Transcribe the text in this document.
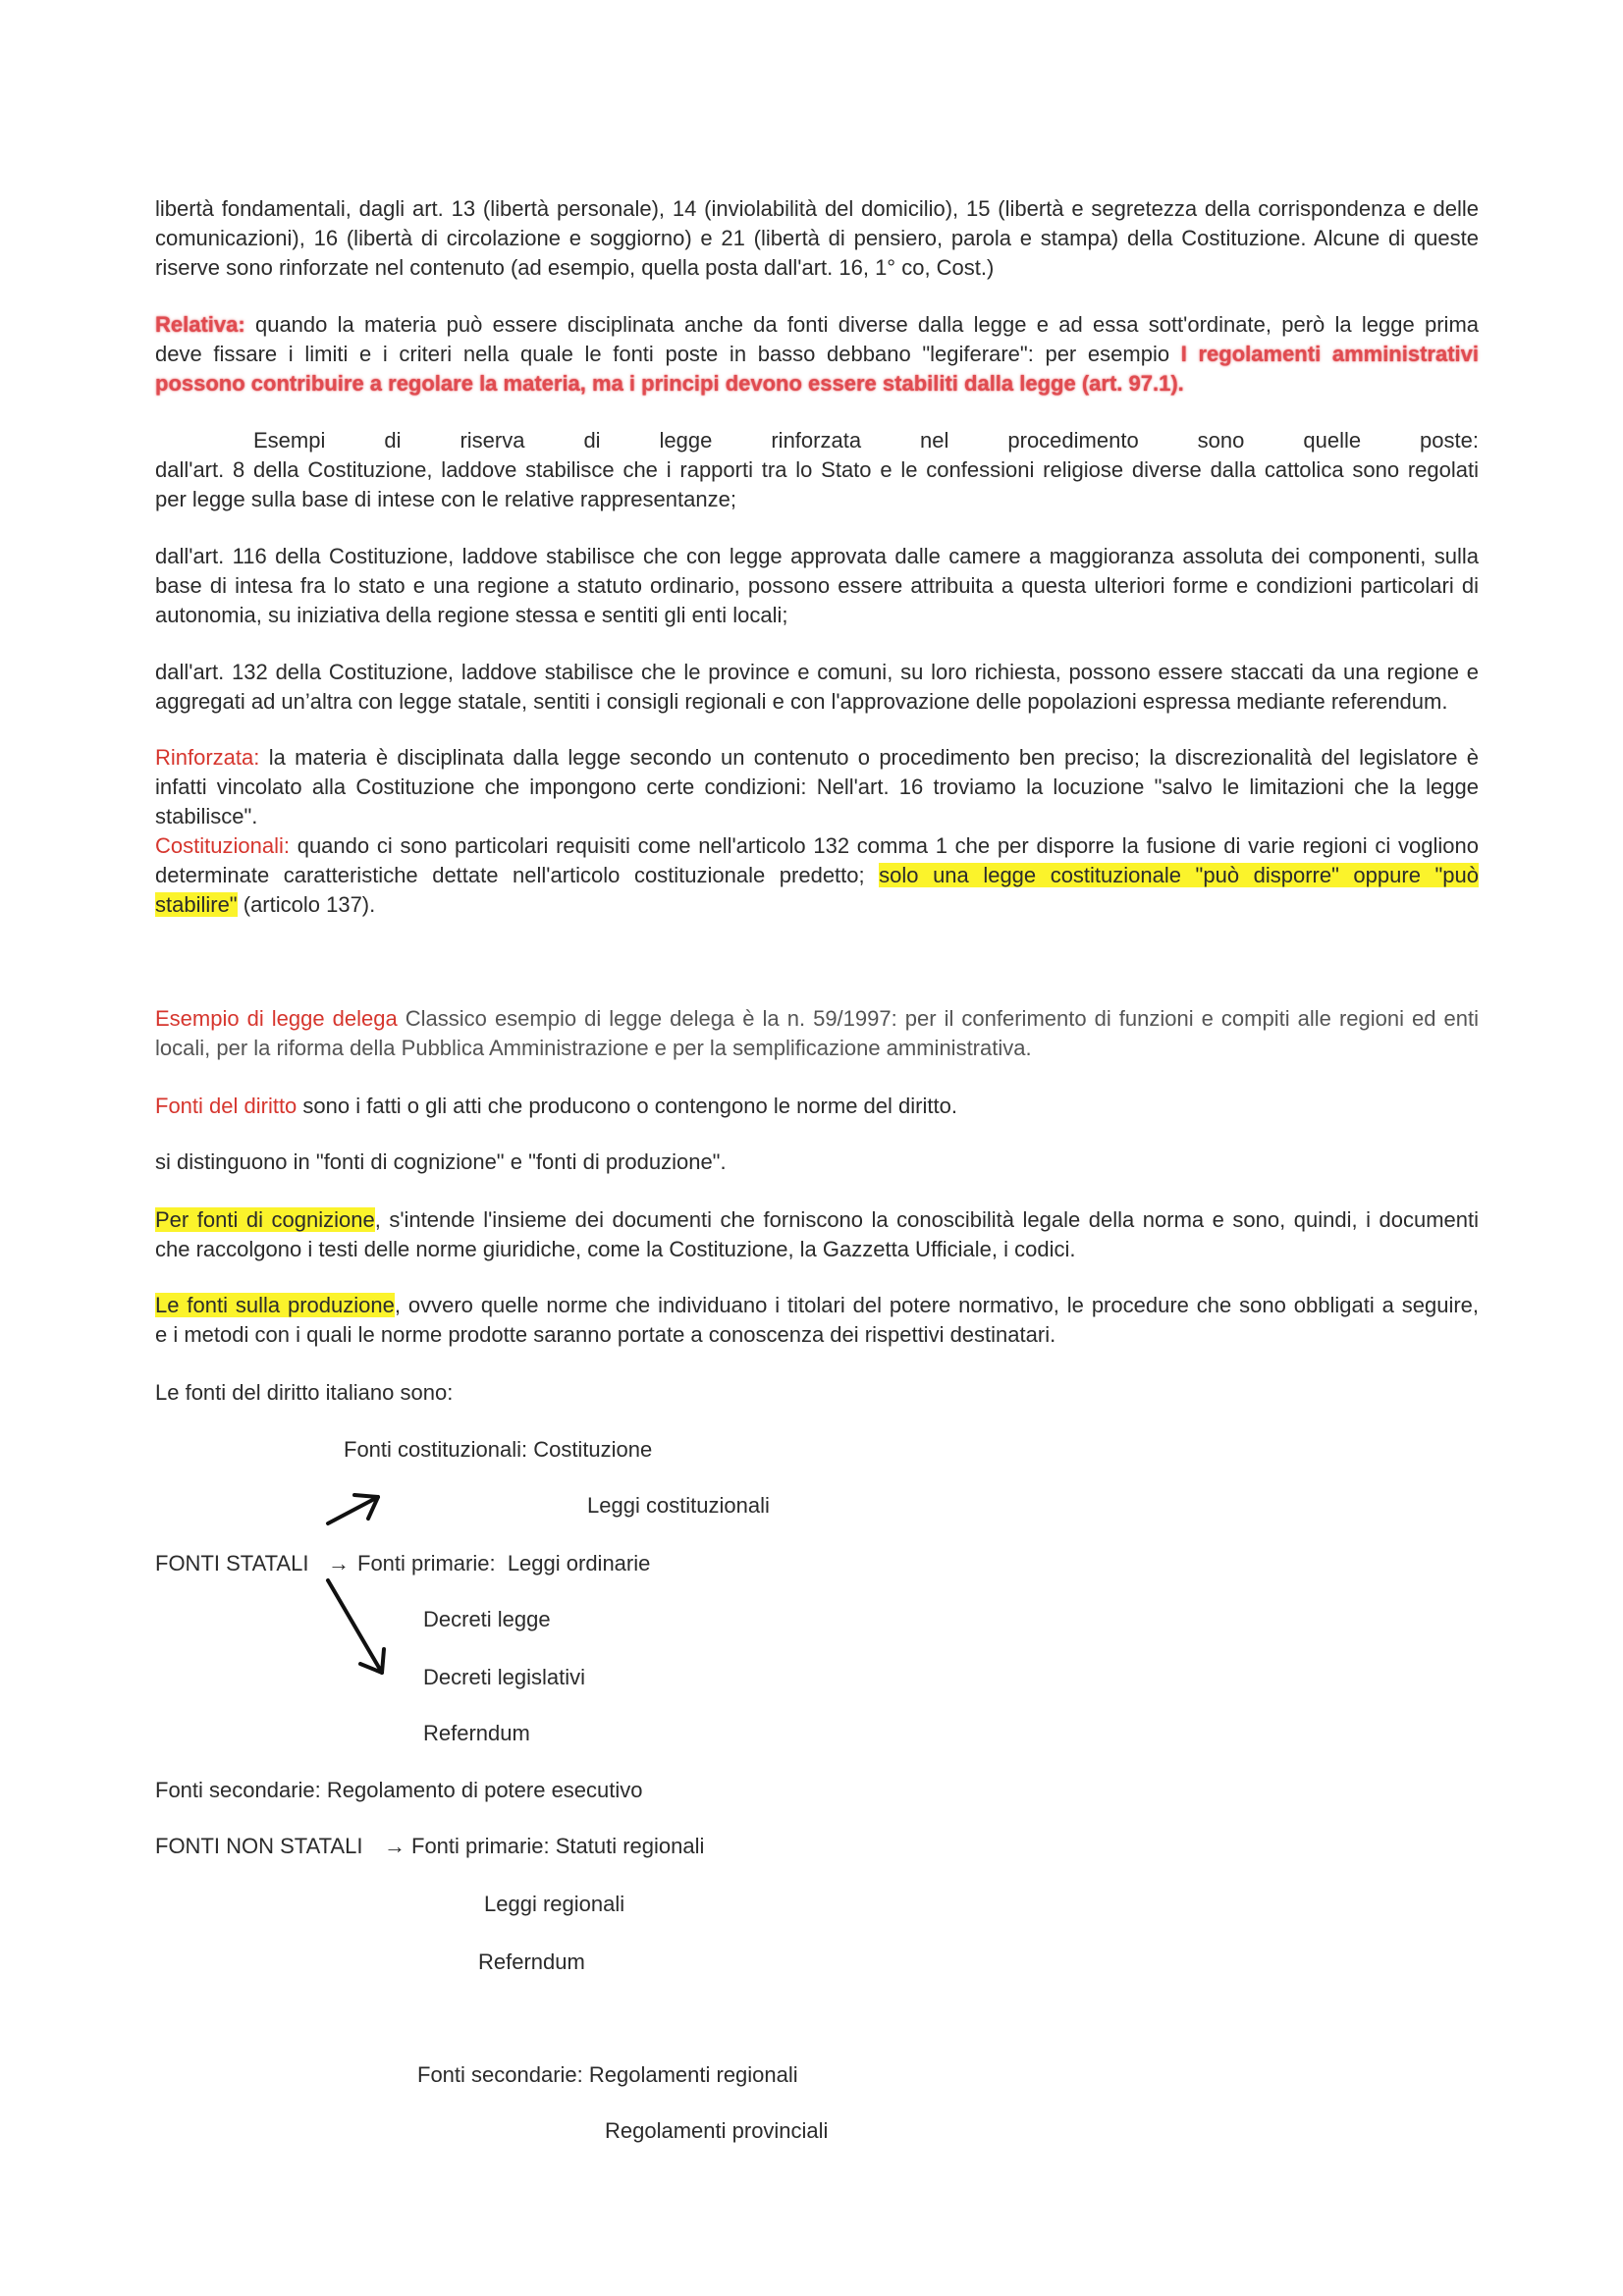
libertà fondamentali, dagli art. 13 (libertà personale), 14 (inviolabilità del domicilio), 15 (libertà e segretezza della corrispondenza e delle
comunicazioni), 16 (libertà di circolazione e soggiorno) e 21 (libertà di pensiero, parola e stampa) della Costituzione. Alcune di queste
riserve sono rinforzate nel contenuto (ad esempio, quella posta dall'art. 16, 1° co, Cost.)
Relativa: quando la materia può essere disciplinata anche da fonti diverse dalla legge e ad essa sott'ordinate, però la legge prima
deve fissare i limiti e i criteri nella quale le fonti poste in basso debbano "legiferare": per esempio I regolamenti amministrativi
possono contribuire a regolare la materia, ma i principi devono essere stabiliti dalla legge (art. 97.1).
Esempi di riserva di legge rinforzata nel procedimento sono quelle poste:
dall'art. 8 della Costituzione, laddove stabilisce che i rapporti tra lo Stato e le confessioni religiose diverse dalla cattolica sono regolati
per legge sulla base di intese con le relative rappresentanze;
dall'art. 116 della Costituzione, laddove stabilisce che con legge approvata dalle camere a maggioranza assoluta dei componenti, sulla
base di intesa fra lo stato e una regione a statuto ordinario, possono essere attribuita a questa ulteriori forme e condizioni particolari di
autonomia, su iniziativa della regione stessa e sentiti gli enti locali;
dall'art. 132 della Costituzione, laddove stabilisce che le province e comuni, su loro richiesta, possono essere staccati da una regione e
aggregati ad un’altra con legge statale, sentiti i consigli regionali e con l'approvazione delle popolazioni espressa mediante referendum.
Rinforzata: la materia è disciplinata dalla legge secondo un contenuto o procedimento ben preciso; la discrezionalità del legislatore è
infatti vincolato alla Costituzione che impongono certe condizioni: Nell'art. 16 troviamo la locuzione "salvo le limitazioni che la legge
stabilisce".
Costituzionali: quando ci sono particolari requisiti come nell'articolo 132 comma 1 che per disporre la fusione di varie regioni ci vogliono
determinate caratteristiche dettate nell'articolo costituzionale predetto; solo una legge costituzionale "può disporre" oppure "può
stabilire" (articolo 137).
Esempio di legge delega Classico esempio di legge delega è la n. 59/1997: per il conferimento di funzioni e compiti alle regioni ed enti
locali, per la riforma della Pubblica Amministrazione e per la semplificazione amministrativa.
Fonti del diritto sono i fatti o gli atti che producono o contengono le norme del diritto.
si distinguono in "fonti di cognizione" e "fonti di produzione".
Per fonti di cognizione, s'intende l'insieme dei documenti che forniscono la conoscibilità legale della norma e sono, quindi, i documenti
che raccolgono i testi delle norme giuridiche, come la Costituzione, la Gazzetta Ufficiale, i codici.
Le fonti sulla produzione, ovvero quelle norme che individuano i titolari del potere normativo, le procedure che sono obbligati a seguire,
e i metodi con i quali le norme prodotte saranno portate a conoscenza dei rispettivi destinatari.
Le fonti del diritto italiano sono:
Fonti costituzionali: Costituzione
Leggi costituzionali
FONTI STATALI → Fonti primarie:  Leggi ordinarie
Decreti legge
Decreti legislativi
Referndum
Fonti secondarie: Regolamento di potere esecutivo
FONTI NON STATALI → Fonti primarie: Statuti regionali
Leggi regionali
Referndum
Fonti secondarie: Regolamenti regionali
Regolamenti provinciali
